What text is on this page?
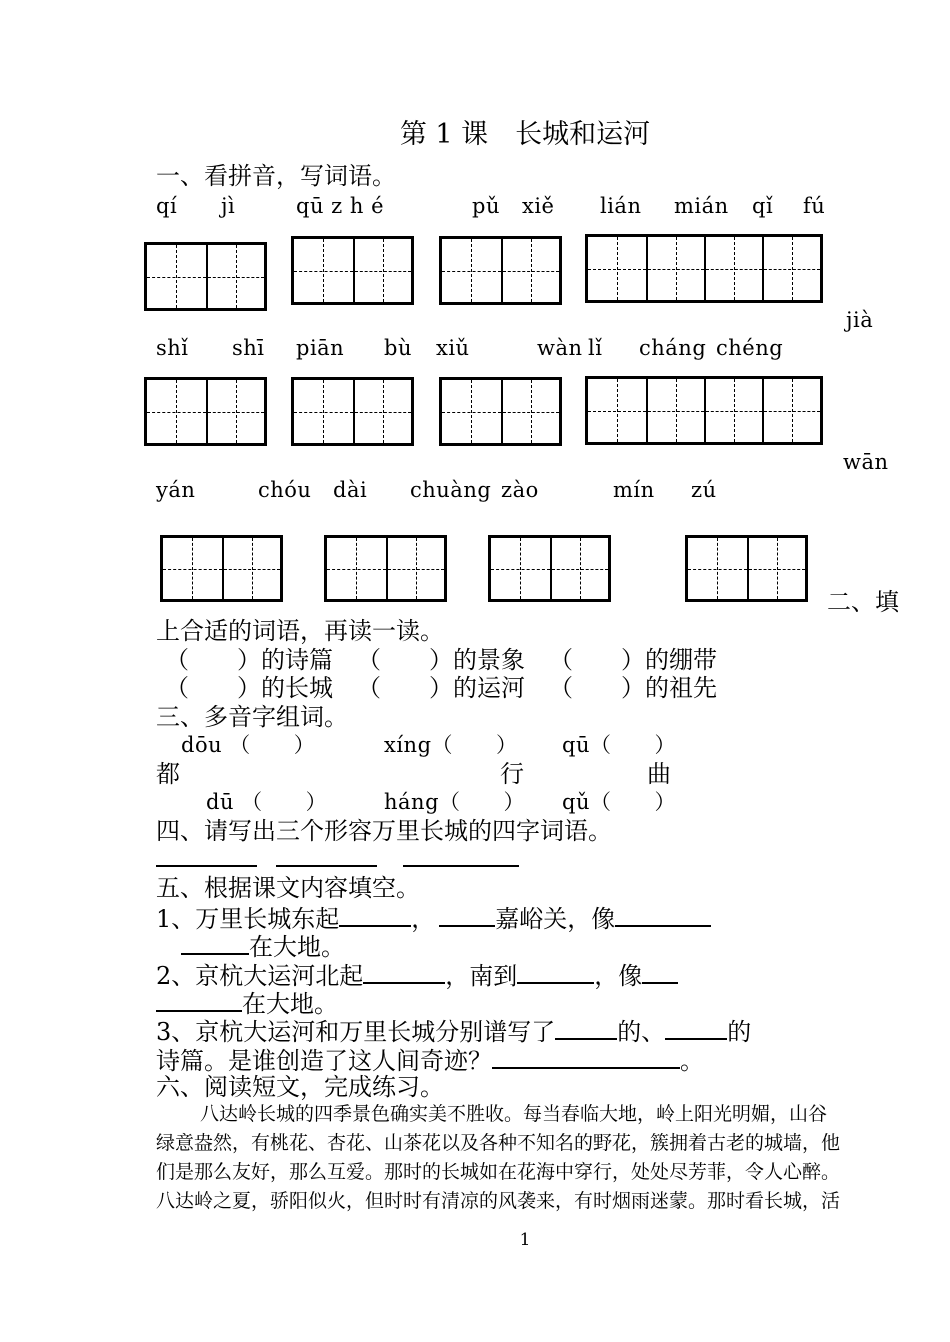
第 1 课　长城和运河
一、看拼音，写词语。
qí jì	qū z h é	pǔ xiě lián mián qǐ fú
jià
shǐ shī piān bù xiǔ	wàn lǐ cháng chéng
wān
yán	chóu dài chuàng zào	mín zú
二、填
上合适的词语，再读一读。
（　　）的诗篇 （　　）的景象 （　　）的绷带
（　　）的长城 （　　）的运河 （　　）的祖先
三、多音字组词。
dōu （　　）	xíng（　　） qū（　　）
都	行	曲
dū （　　）	háng（　　） qǔ（　　）
四、请写出三个形容万里长城的四字词语。
五、根据课文内容填空。
1、万里长城东起	，	嘉峪关，像
在大地。
2、京杭大运河北起	，南到	，像
在大地。
3、京杭大运河和万里长城分别谱写了	的、	的
诗篇。是谁创造了这人间奇迹？	。
六、阅读短文，完成练习。
八达岭长城的四季景色确实美不胜收。每当春临大地，岭上阳光明媚，山谷
绿意盎然，有桃花、杏花、山茶花以及各种不知名的野花，簇拥着古老的城墙，他
们是那么友好，那么互爱。那时的长城如在花海中穿行，处处尽芳菲，令人心醉。
八达岭之夏，骄阳似火，但时时有清凉的风袭来，有时烟雨迷蒙。那时看长城，活
1
